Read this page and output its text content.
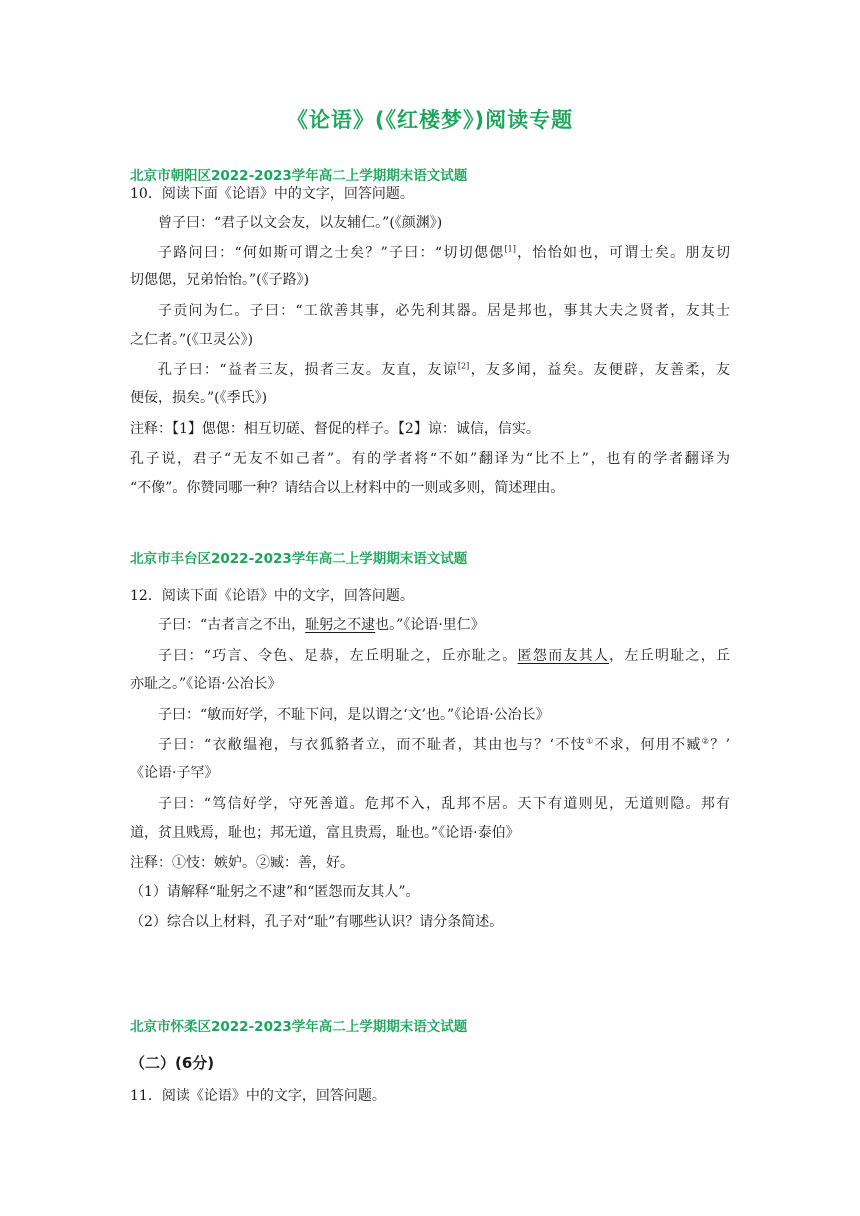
《论语》(《红楼梦》)阅读专题
北京市朝阳区2022-2023学年高二上学期期末语文试题
10．阅读下面《论语》中的文字，回答问题。
曾子曰：“君子以文会友，以友辅仁。”(《颜渊》)
子路问曰：“何如斯可谓之士矣？”子曰：“切切偲偲[1]，怡怡如也，可谓士矣。朋友切
切偲偲，兄弟怡怡。”(《子路》)
子贡问为仁。子曰：“工欲善其事，必先利其器。居是邦也，事其大夫之贤者，友其士
之仁者。”(《卫灵公》)
孔子曰：“益者三友，损者三友。友直，友谅[2]，友多闻，益矣。友便辟，友善柔，友
便佞，损矣。”(《季氏》)
注释：【1】偲偲：相互切磋、督促的样子。【2】谅：诚信，信实。
孔子说，君子“无友不如己者”。有的学者将“不如”翻译为“比不上”，也有的学者翻译为
“不像”。你赞同哪一种？请结合以上材料中的一则或多则，简述理由。
北京市丰台区2022-2023学年高二上学期期末语文试题
12．阅读下面《论语》中的文字，回答问题。
子曰：“古者言之不出，耻躬之不逮也。”《论语·里仁》
子曰：“巧言、令色、足恭，左丘明耻之，丘亦耻之。匿怨而友其人，左丘明耻之，丘
亦耻之。”《论语·公冶长》
子曰：“敏而好学，不耻下问，是以谓之‘文’也。”《论语·公冶长》
子曰：“衣敝缊袍，与衣狐貉者立，而不耻者，其由也与？‘不忮①不求，何用不臧②？’
《论语·子罕》
子曰：“笃信好学，守死善道。危邦不入，乱邦不居。天下有道则见，无道则隐。邦有
道，贫且贱焉，耻也；邦无道，富且贵焉，耻也。”《论语·泰伯》
注释：①忮：嫉妒。②臧：善，好。
（1）请解释“耻躬之不逮”和“匿怨而友其人”。
（2）综合以上材料，孔子对“耻”有哪些认识？请分条简述。
北京市怀柔区2022-2023学年高二上学期期末语文试题
（二）(6分)
11．阅读《论语》中的文字，回答问题。
